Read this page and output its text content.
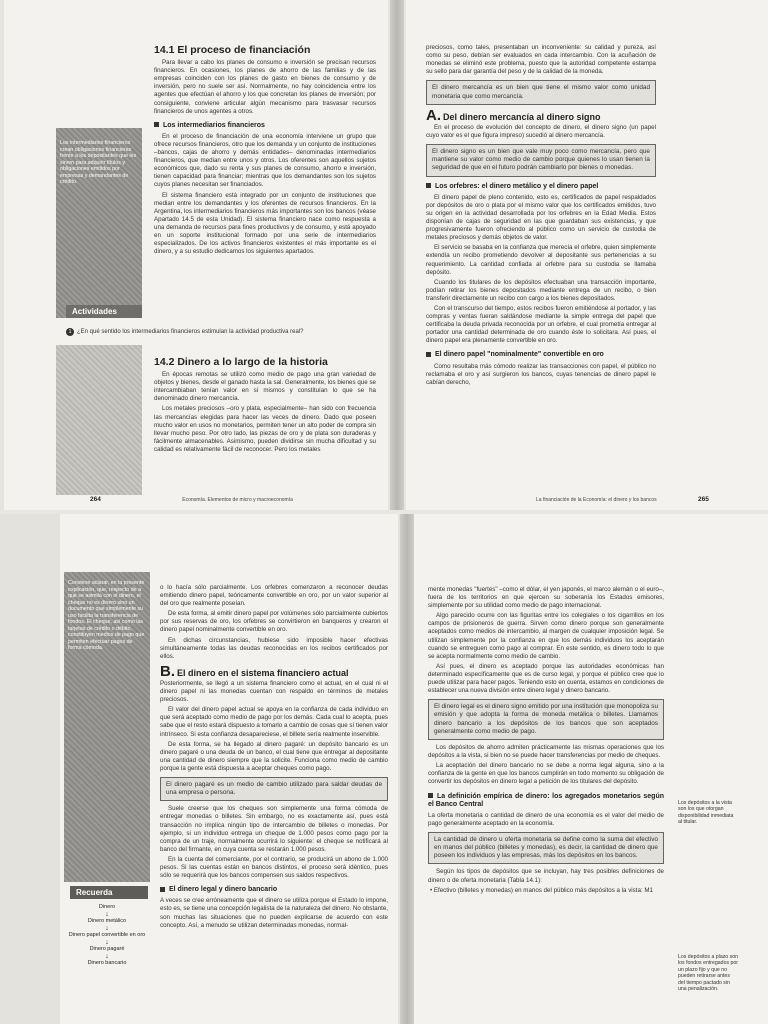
Los intermediarios financieros crean obligaciones financieras frente a los depositantes que les sirven para adquirir títulos y obligaciones emitidos por empresas y demandantes de crédito.
14.1 El proceso de financiación

Para llevar a cabo los planes de consumo e inversión se precisan recursos financieros. En ocasiones, los planes de ahorro de las familias y de las empresas coinciden con los planes de gasto en bienes de consumo y de inversión, pero no suele ser así. Normalmente, no hay coincidencia entre los agentes que efectúan el ahorro y los que concretan los planes de inversión; por consiguiente, conviene articular algún mecanismo para trasvasar recursos financieros de unos agentes a otros.

Los intermediarios financieros

En el proceso de financiación de una economía interviene un grupo que ofrece recursos financieros, otro que los demanda y un conjunto de instituciones –bancos, cajas de ahorro y demás entidades– denominadas intermediarios financieros, que median entre unos y otros. Los oferentes son aquellos sujetos económicos que, dado su renta y sus planes de consumo, ahorro e inversión, tienen capacidad para financiar; mientras que los demandantes son los sujetos cuyos planes necesitan ser financiados.

El sistema financiero está integrado por un conjunto de instituciones que median entre los demandantes y los oferentes de recursos financieros. En la Argentina, los intermediarios financieros más importantes son los bancos (véase Apartado 14.5 de esta Unidad). El sistema financiero nace como respuesta a una demanda de recursos para fines productivos y de consumo, y está apoyado en un soporte institucional formado por una serie de intermediarios especializados. De los activos financieros existentes el más importante es el dinero, y a su estudio dedicamos los siguientes apartados.

Actividades
1 ¿En qué sentido los intermediarios financieros estimulan la actividad productiva real?
14.2 Dinero a lo largo de la historia

En épocas remotas se utilizó como medio de pago una gran variedad de objetos y bienes, desde el ganado hasta la sal. Generalmente, los bienes que se intercambiaban tenían valor en sí mismos y constituían lo que se ha denominado dinero mercancía.

Los metales preciosos –oro y plata, especialmente– han sido con frecuencia las mercancías elegidas para hacer las veces de dinero. Dado que poseen mucho valor en usos no monetarios, permiten tener un alto poder de compra sin llevar mucho peso. Por otro lado, las piezas de oro y de plata son duraderas y fácilmente almacenables. Asimismo, pueden dividirse sin mucha dificultad y su calidad es relativamente fácil de reconocer. Pero los metales

264	Economía. Elementos de micro y macroeconomía

preciosos, como tales, presentaban un inconveniente: su calidad y pureza, así como su peso, debían ser evaluados en cada intercambio. Con la acuñación de monedas se eliminó este problema, puesto que la autoridad competente estampa su sello para dar garantía del peso y de la calidad de la moneda.

El dinero mercancía es un bien que tiene el mismo valor como unidad monetaria que como mercancía.
A. Del dinero mercancía al dinero signo

En el proceso de evolución del concepto de dinero, el dinero signo (un papel cuyo valor es el que figura impreso) sucedió al dinero mercancía.

El dinero signo es un bien que vale muy poco como mercancía, pero que mantiene su valor como medio de cambio porque quienes lo usan tienen la seguridad de que en el futuro podrán cambiarlo por bienes o monedas.
Los orfebres: el dinero metálico y el dinero papel

El dinero papel de pleno contenido, esto es, certificados de papel respaldados por depósitos de oro o plata por el mismo valor que los certificados emitidos, tuvo su origen en la actividad desarrollada por los orfebres en la Edad Media. Estos disponían de cajas de seguridad en las que guardaban sus existencias, y que progresivamente fueron ofreciendo al público como un servicio de custodia de metales preciosos y demás objetos de valor.

El servicio se basaba en la confianza que merecía el orfebre, quien simplemente extendía un recibo prometiendo devolver al depositante sus pertenencias a su requerimiento. La cantidad confiada al orfebre para su custodia se llamaba depósito.

Cuando los titulares de los depósitos efectuaban una transacción importante, podían retirar los bienes depositados mediante entrega de un recibo, o bien transferir directamente un recibo con cargo a los bienes depositados.

Con el transcurso del tiempo, estos recibos fueron emitiéndose al portador, y las compras y ventas fueran saldándose mediante la simple entrega del papel que certificaba la deuda privada reconocida por un orfebre, el cual prometía entregar al portador una cantidad determinada de oro cuando éste lo solicitara. Así pues, el dinero papel era plenamente convertible en oro.

El dinero papel "nominalmente" convertible en oro

Como resultaba más cómodo realizar las transacciones con papel, el público no reclamaba el oro y así surgieron los bancos, cuyas tenencias de dinero papel le cabían derecho,

La financiación de la Economía: el dinero y los bancos	265
Conviene aclarar, en la presente explicación, que, respecto de a qué se asimila con el dinero, el cheque no es dinero sino un documento que simplemente su uso facilita la transferencia de fondos. El cheque, así como las tarjetas de crédito o débito, constituyen medios de pago que permiten efectuar pagos de forma cómoda.
Recuerda
Dinero
↓
Dinero metálico
↓
Dinero papel convertible en oro
↓
Dinero pagaré
↓
Dinero bancario

o lo hacía sólo parcialmente. Los orfebres comenzaron a reconocer deudas emitiendo dinero papel, teóricamente convertible en oro, por un valor superior al del oro que realmente poseían.

De esta forma, al emitir dinero papel por volúmenes sólo parcialmente cubiertos por sus reservas de oro, los orfebres se convirtieron en banqueros y crearon el dinero papel nominalmente convertible en oro.

En dichas circunstancias, hubiese sido imposible hacer efectivas simultáneamente todas las deudas reconocidas en los recibos certificados por ellos.

B. El dinero en el sistema financiero actual

Posteriormente, se llegó a un sistema financiero como el actual, en el cual ni el dinero papel ni las monedas cuentan con respaldo en términos de metales preciosos.

El valor del dinero papel actual se apoya en la confianza de cada individuo en que será aceptado como medio de pago por los demás. Cada cual lo acepta, pues sabe que el resto estará dispuesto a tomarlo a cambio de cosas que sí tienen valor intrínseco. Si esta confianza desapareciese, el billete sería realmente inservible.

De esta forma, se ha llegado al dinero pagaré: un depósito bancario es un dinero pagaré o una deuda de un banco, el cual tiene que entregar al depositante una cantidad de dinero siempre que la solicite. Funciona como medio de cambio porque la gente está dispuesta a aceptar cheques como pago.

El dinero pagaré es un medio de cambio utilizado para saldar deudas de una empresa o persona.

Suele creerse que los cheques son simplemente una forma cómoda de entregar monedas o billetes. Sin embargo, no es exactamente así, pues está transacción no implica ningún tipo de intercambio de billetes o monedas. Por ejemplo, si un individuo entrega un cheque de 1.000 pesos como pago por la compra de un traje, normalmente ocurrirá lo siguiente: el cheque se notificará al banco del firmante, en cuya cuenta se restarán 1.000 pesos.

En la cuenta del comerciante, por el contrario, se producirá un abono de 1.000 pesos. Si las cuentas están en bancos distintos, el proceso será idéntico, pues sólo se requerirá que los bancos compensen sus saldos respectivos.

El dinero legal y dinero bancario

A veces se cree erróneamente que el dinero se utiliza porque el Estado lo impone, esto es, se tiene una concepción legalista de la naturaleza del dinero. No obstante, son muchas las situaciones que no pueden explicarse de acuerdo con este concepto. Así, a menudo se utilizan determinadas monedas, normal-

mente monedas "fuertes" –como el dólar, el yen japonés, el marco alemán o el euro–, fuera de los territorios en que ejercen su soberanía los Estados emisores, simplemente por su utilidad como medio de pago internacional.

Algo parecido ocurre con las figuritas entre los colegiales o los cigarrillos en los campos de prisioneros de guerra. Sirven como dinero porque son generalmente aceptados como medios de intercambio, al margen de cualquier imposición legal. Se utilizan simplemente por la confianza en que los demás individuos los aceptarán cuando se entreguen como pago al comprar. En este sentido, es dinero todo lo que se acepta normalmente como medio de cambio.

Así pues, el dinero es aceptado porque las autoridades económicas han determinado específicamente que es de curso legal, y porque el público cree que lo puede utilizar para hacer pagos. Teniendo esto en cuenta, estamos en condiciones de establecer una nueva división entre dinero legal y dinero bancario.

El dinero legal es el dinero signo emitido por una institución que monopoliza su emisión y que adopta la forma de moneda metálica o billetes. Llamamos dinero bancario a los depósitos de los bancos que son aceptados generalmente como medio de pago.

Los depósitos de ahorro admiten prácticamente las mismas operaciones que los depósitos a la vista, si bien no se puede hacer transferencias por medio de cheques.

La aceptación del dinero bancario no se debe a norma legal alguna, sino a la confianza de la gente en que los bancos cumplirán en todo momento su obligación de convertir los depósitos en dinero legal a petición de los titulares del depósito.

La definición empírica de dinero: los agregados monetarios según el Banco Central

La oferta monetaria o cantidad de dinero de una economía es el valor del medio de pago generalmente aceptado en la economía.

La cantidad de dinero u oferta monetaria se define como la suma del efectivo en manos del público (billetes y monedas), es decir, la cantidad de dinero que poseen los individuos y las empresas, más los depósitos en los bancos.

Según los tipos de depósitos que se incluyan, hay tres posibles definiciones de dinero o de oferta monetaria (Tabla 14.1):

• Efectivo (billetes y monedas) en manos del público más depósitos a la vista: M1

Los depósitos a la vista son los que otorgan disponibilidad inmediata al titular.
Los depósitos a plazo son los fondos entregados por un plazo fijo y que no pueden retirarse antes del tiempo pactado sin una penalización.
